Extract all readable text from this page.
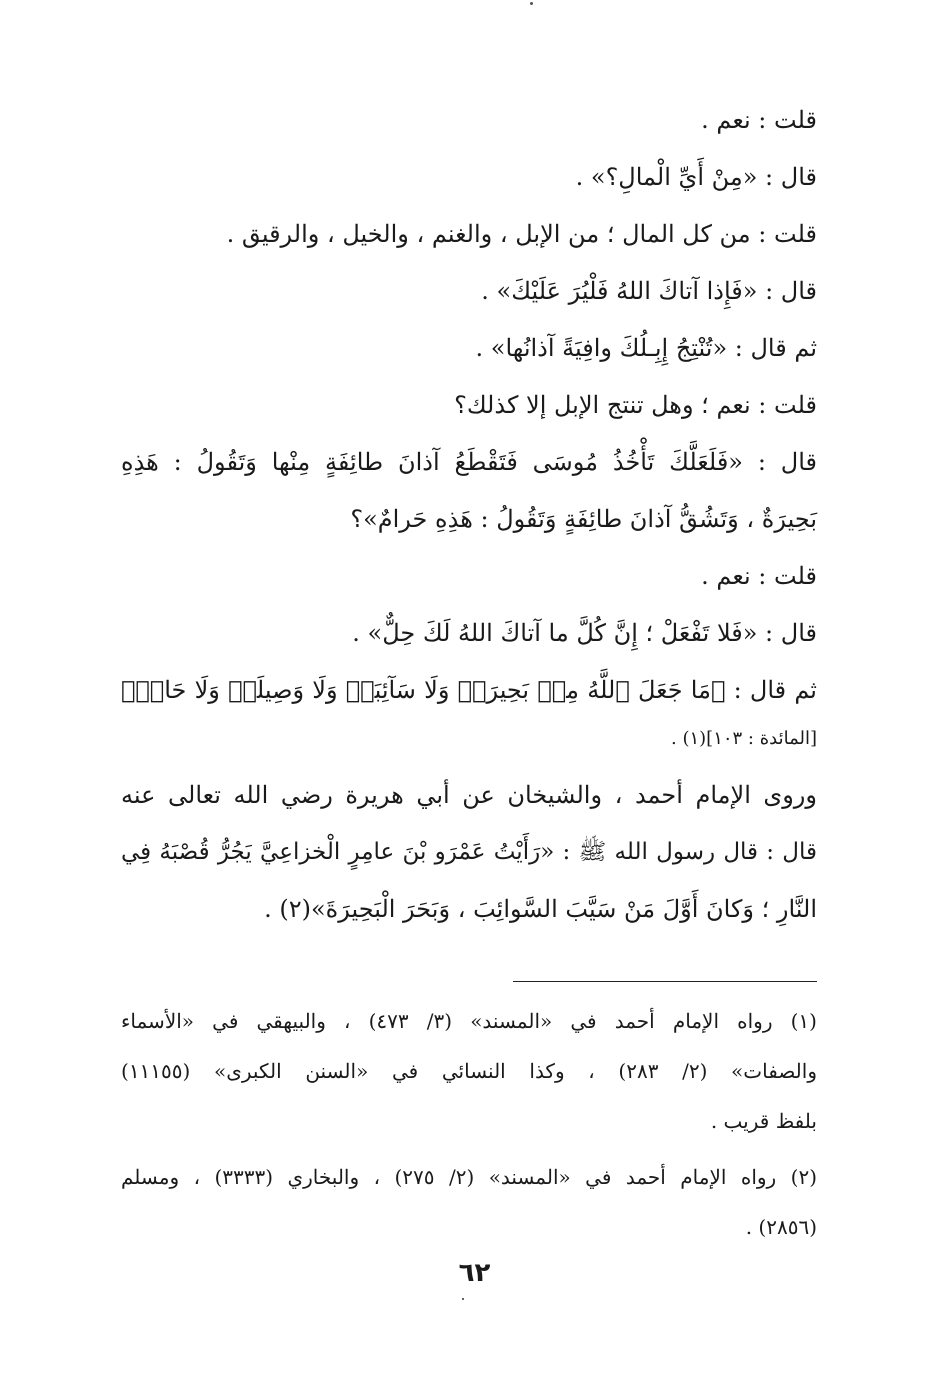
قلت : نعم .
قال : «مِنْ أَيِّ الْمالِ؟» .
قلت : من كل المال ؛ من الإبل ، والغنم ، والخيل ، والرقيق .
قال : «فَإِذا آتاكَ اللهُ فَلْيُرَ عَلَيْكَ» .
ثم قال : «تُنْتِجُ إِبِـلُكَ وافِيَةً آذانُها» .
قلت : نعم ؛ وهل تنتج الإبل إلا كذلك؟
قال : «فَلَعَلَّكَ تَأْخُذُ مُوسَى فَتَقْطَعُ آذانَ طائِفَةٍ مِنْها وَتَقُولُ : هَذِهِ
بَحِيرَةٌ ، وَتَشُقُّ آذانَ طائِفَةٍ وَتَقُولُ : هَذِهِ حَرامٌ»؟
قلت : نعم .
قال : «فَلا تَفْعَلْ ؛ إِنَّ كُلَّ ما آتاكَ اللهُ لَكَ حِلٌّ» .
ثم قال : ﴿مَا جَعَلَ ٱللَّهُ مِنۢ بَحِيرَةٖ وَلَا سَآئِبَةٖ وَلَا وَصِيلَةٖ وَلَا حَامٖ﴾
[المائدة : ١٠٣](١) .
وروى الإمام أحمد ، والشيخان عن أبي هريرة رضي الله تعالى عنه
قال : قال رسول الله ﷺ : «رَأَيْتُ عَمْرَو بْنَ عامِرٍ الْخزاعِيَّ يَجُرُّ قُصْبَهُ فِي
النَّارِ ؛ وَكانَ أَوَّلَ مَنْ سَيَّبَ السَّوائِبَ ، وَبَحَرَ الْبَحِيرَةَ»(٢) .
(١) رواه الإمام أحمد في «المسند» (٣/ ٤٧٣) ، والبيهقي في «الأسماء
والصفات» (٢/ ٢٨٣) ، وكذا النسائي في «السنن الكبرى» (١١١٥٥)
بلفظ قريب .
(٢) رواه الإمام أحمد في «المسند» (٢/ ٢٧٥) ، والبخاري (٣٣٣٣) ، ومسلم
(٢٨٥٦) .
٦٢
